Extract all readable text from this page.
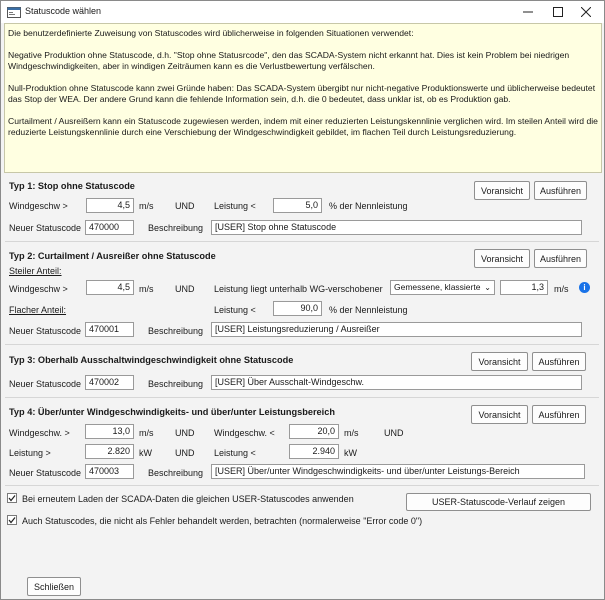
Statuscode wählen

Die benutzerdefinierte Zuweisung von Statuscodes wird üblicherweise in folgenden Situationen verwendet:

Negative Produktion ohne Statuscode, d.h. "Stop ohne Statusrcode", den das SCADA-System nicht erkannt hat. Dies ist kein Problem bei niedrigen Windgeschwindigkeiten, aber in windigen Zeiträumen kann es die Verlustbewertung verfälschen.

Null-Produktion ohne Statuscode kann zwei Gründe haben: Das SCADA-System übergibt nur nicht-negative Produktionswerte und üblicherweise bedeutet das Stop der WEA. Der andere Grund kann die fehlende Information sein, d.h. die 0 bedeutet, dass unklar ist, ob es Produktion gab.

Curtailment / Ausreißern kann ein Statuscode zugewiesen werden, indem mit einer reduzierten Leistungskennlinie verglichen wird. Im steilen Anteil wird die reduzierte Leistungskennlinie durch eine Verschiebung der Windgeschwindigkeit gebildet, im flachen Teil durch Leistungsreduzierung.

Typ 1: Stop ohne Statuscode	Voransicht	Ausführen
Windgeschw >	4,5	m/s UND Leistung <	5,0	% der Nennleistung
Neuer Statuscode 470000	Beschreibung	[USER] Stop ohne Statuscode
Typ 2: Curtailment / Ausreißer ohne Statuscode	Voransicht	Ausführen
Steiler Anteil:
Windgeschw >	4,5	m/s UND Leistung liegt unterhalb WG-verschobener	Gemessene, klassierte ⌄	1,3	m/s	i
Flacher Anteil:	Leistung <	90,0	% der Nennleistung
Neuer Statuscode 470001	Beschreibung	[USER] Leistungsreduzierung / Ausreißer
Typ 3: Oberhalb Ausschaltwindgeschwindigkeit ohne Statuscode	Voransicht	Ausführen
Neuer Statuscode 470002	Beschreibung	[USER] Über Ausschalt-Windgeschw.
Typ 4: Über/unter Windgeschwindigkeits- und über/unter Leistungsbereich	Voransicht	Ausführen
Windgeschw. >	13,0	m/s UND Windgeschw. <	20,0	m/s	UND
Leistung >	2.820	kW	UND Leistung <	2.940	kW
Neuer Statuscode 470003	Beschreibung	[USER] Über/unter Windgeschwindigkeits- und über/unter Leistungs-Bereich
Bei erneutem Laden der SCADA-Daten die gleichen USER-Statuscodes anwenden	USER-Statuscode-Verlauf zeigen
Auch Statuscodes, die nicht als Fehler behandelt werden, betrachten (normalerweise "Error code 0")
Schließen
